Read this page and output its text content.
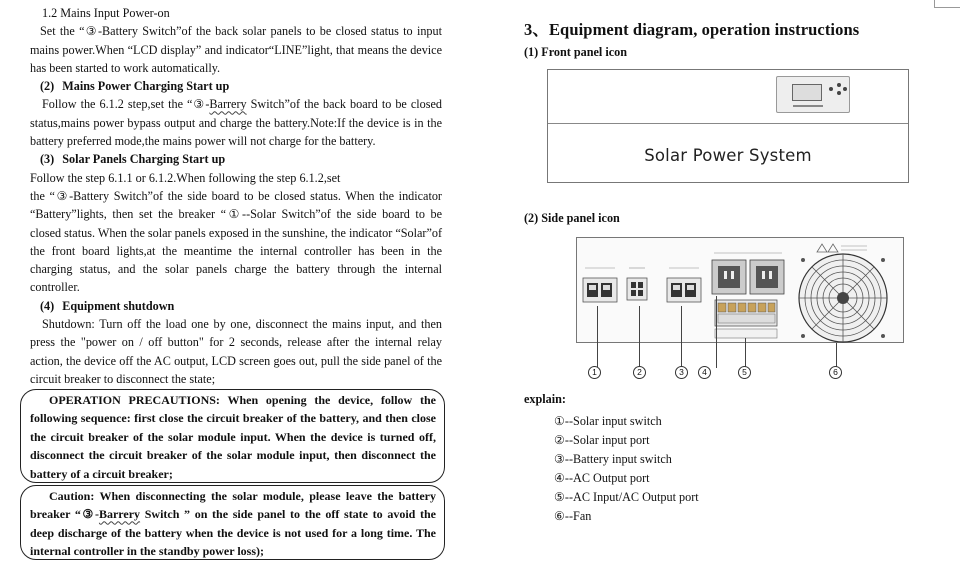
1.2 Mains Input Power-on

Set the “③-Battery Switch”of the back solar panels to be closed status to input mains power.When “LCD display” and indicator“LINE”light, that means the device has been started to work automatically.

(2) Mains Power Charging Start up

Follow the 6.1.2 step,set the “③-Barrery Switch”of the back board to be closed status,mains power bypass output and charge the battery.Note:If the device is in the battery preferred mode,the mains power will not charge for the battery.

(3) Solar Panels Charging Start up

Follow the step 6.1.1 or 6.1.2.When following the step 6.1.2,set

the “③-Battery Switch”of the side board to be closed status. When the indicator “Battery”lights, then set the breaker “①--Solar Switch”of the side board to be closed status. When the solar panels exposed in the sunshine, the indicator “Solar”of the front board lights,at the meantime the internal controller has been in the charging status, and the solar panels charge the battery through the internal controller.

(4) Equipment shutdown

Shutdown: Turn off the load one by one, disconnect the mains input, and then press the "power on / off button" for 2 seconds, release after the internal relay action, the device off the AC output, LCD screen goes out, pull the side panel of the circuit breaker to disconnect the state;

OPERATION PRECAUTIONS: When opening the device, follow the following sequence: first close the circuit breaker of the battery, and then close the circuit breaker of the solar module input. When the device is turned off, disconnect the circuit breaker of the solar module input, then disconnect the battery of a circuit breaker;

Caution: When disconnecting the solar module, please leave the battery breaker “③-Barrery Switch ” on the side panel to the off state to avoid the deep discharge of the battery when the device is not used for a long time. The internal controller in the standby power loss);

3、Equipment diagram, operation instructions
(1) Front panel icon
Solar Power System
(2) Side panel icon
1	2	3	4	5	6
explain:
①--Solar input switch
②--Solar input port
③--Battery input switch
④--AC Output port
⑤--AC Input/AC Output port
⑥--Fan
